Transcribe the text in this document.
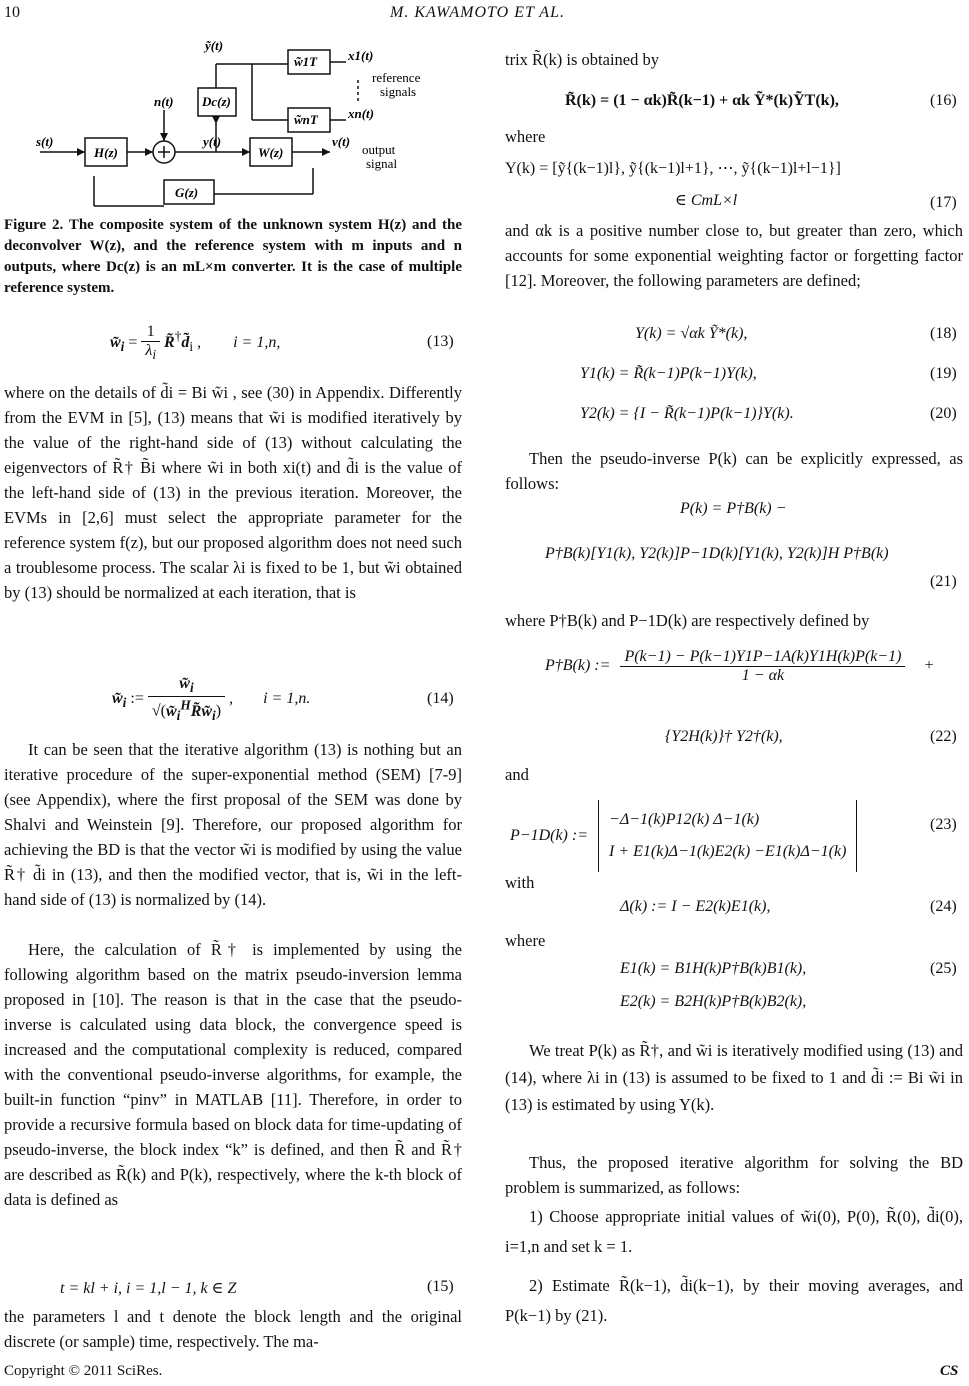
10	M. KAWAMOTO ET AL.
s(t)
H(z)
n(t) Dc(z)
ỹ(t)
y(t)
W(z)
v(t)
G(z)
w̃1T
w̃nT
x1(t)
xn(t)
reference
signals
output
signal
Figure 2. The composite system of the unknown system H(z) and the deconvolver W(z), and the reference system with m inputs and n outputs, where Dc(z) is an mL×m converter. It is the case of multiple reference system.
$w̃_i = \frac{1}{\lambda_i}$ $R̃^\dagger d̃_i$ , i = 1,n,	(13)
where on the details of d̃i = Bi w̃i , see (30) in Appendix. Differently from the EVM in [5], (13) means that w̃i is modified iteratively by the value of the right-hand side of (13) without calculating the eigenvectors of R̃† B̃i where w̃i in both xi(t) and d̃i is the value of the left-hand side of (13) in the previous iteration. Moreover, the EVMs in [2,6] must select the appropriate parameter for the reference system f(z), but our proposed algorithm does not need such a troublesome process. The scalar λi is fixed to be 1, but w̃i obtained by (13) should be normalized at each iteration, that is
$w̃_i$ := $\frac{w̃_i}{√(w̃_i^HR̃w̃_i)}$ , i = 1,n.	(14)
It can be seen that the iterative algorithm (13) is nothing but an iterative procedure of the super-exponential method (SEM) [7-9] (see Appendix), where the first proposal of the SEM was done by Shalvi and Weinstein [9]. Therefore, our proposed algorithm for achieving the BD is that the vector w̃i is modified by using the value R̃† d̃i in (13), and then the modified vector, that is, w̃i in the left-hand side of (13) is normalized by (14).
Here, the calculation of R̃† is implemented by using the following algorithm based on the matrix pseudo-inversion lemma proposed in [10]. The reason is that in the case that the pseudo-inverse is calculated using data block, the convergence speed is increased and the computational complexity is reduced, compared with the conventional pseudo-inverse algorithms, for example, the built-in function “pinv” in MATLAB [11]. Therefore, in order to provide a recursive formula based on block data for time-updating of pseudo-inverse, the block index “k” is defined, and then R̃ and R̃† are described as R̃(k) and P(k), respectively, where the k-th block of data is defined as
t = kl + i, i = 1,l − 1, k ∈ Z	(15)
the parameters l and t denote the block length and the original discrete (or sample) time, respectively. The ma-
trix R̃(k) is obtained by
R̃(k) = (1 − αk)R̃(k−1) + αk Ỹ*(k)ỸT(k),	(16)
where
Y(k) = [ỹ{(k−1)l}, ỹ{(k−1)l+1}, ⋯, ỹ{(k−1)l+l−1}]
∈ CmL×l	(17)
and αk is a positive number close to, but greater than zero, which accounts for some exponential weighting factor or forgetting factor [12]. Moreover, the following parameters are defined;
Y(k) = √αk Ỹ*(k),	(18)
Y1(k) = R̃(k−1)P(k−1)Y(k),	(19)
Y2(k) = {I − R̃(k−1)P(k−1)}Y(k).	(20)
Then the pseudo-inverse P(k) can be explicitly expressed, as follows:
P(k) = P†B(k) −
P†B(k)[Y1(k), Y2(k)]P−1D(k)[Y1(k), Y2(k)]H P†B(k)
(21)
where P†B(k) and P−1D(k) are respectively defined by
P†B(k) := $\frac{P(k-1) - P(k-1)Y1P-1A(k)Y1H(k)P(k-1)}{1 - \alpha k}$ +
{Y2H(k)}† Y2†(k),	(22)
and
P−1D(k) :=
−Δ−1(k)P12(k) Δ−1(k)
I + E1(k)Δ−1(k)E2(k) −E1(k)Δ−1(k)
(23)
with
Δ(k) := I − E2(k)E1(k),	(24)
where
E1(k) = B1H(k)P†B(k)B1(k),
E2(k) = B2H(k)P†B(k)B2(k),
(25)
We treat P(k) as R̃†, and w̃i is iteratively modified using (13) and (14), where λi in (13) is assumed to be fixed to 1 and d̃i := Bi w̃i in (13) is estimated by using Y(k).
Thus, the proposed iterative algorithm for solving the BD problem is summarized, as follows:
1) Choose appropriate initial values of w̃i(0), P(0), R̃(0), d̃i(0), i=1,n and set k = 1.
2) Estimate R̃(k−1), d̃i(k−1), by their moving averages, and P(k−1) by (21).
Copyright © 2011 SciRes.	CS
